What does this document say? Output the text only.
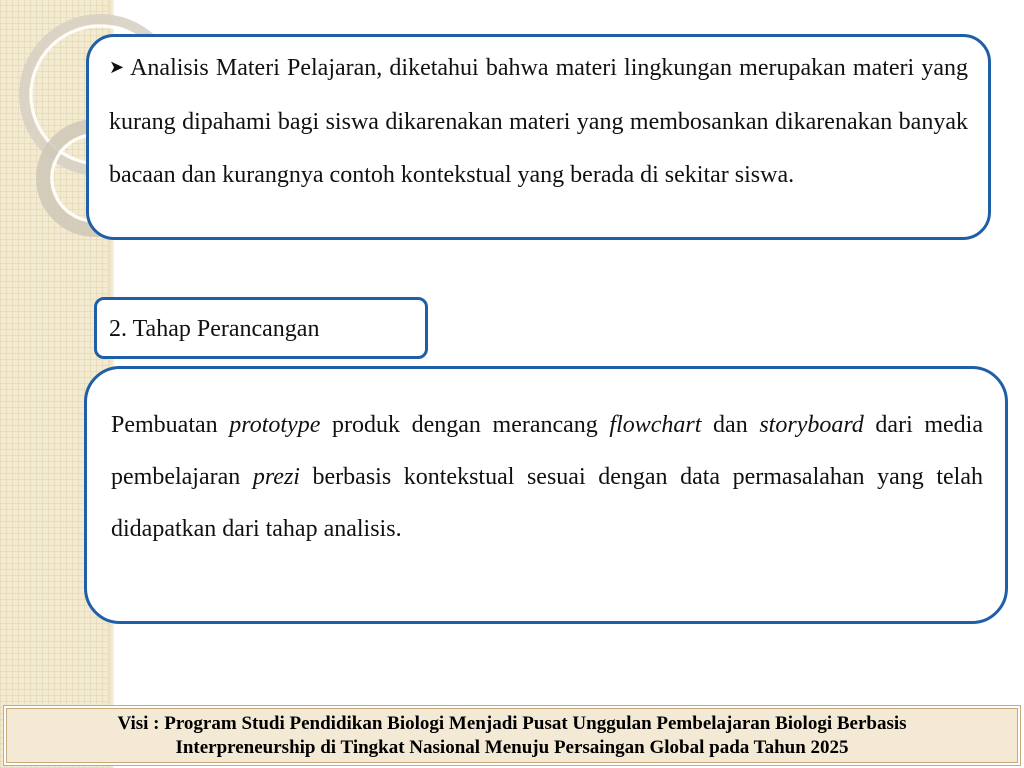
➤ Analisis Materi Pelajaran, diketahui bahwa materi lingkungan merupakan materi yang kurang dipahami bagi siswa dikarenakan materi yang membosankan dikarenakan banyak bacaan dan kurangnya contoh kontekstual yang berada di sekitar siswa.

2. Tahap Perancangan

Pembuatan prototype produk dengan merancang flowchart dan storyboard dari media pembelajaran prezi berbasis kontekstual sesuai dengan data permasalahan yang telah didapatkan dari tahap analisis.

Visi : Program Studi Pendidikan Biologi Menjadi Pusat Unggulan Pembelajaran Biologi Berbasis

Interpreneurship di Tingkat Nasional Menuju Persaingan Global pada Tahun 2025
